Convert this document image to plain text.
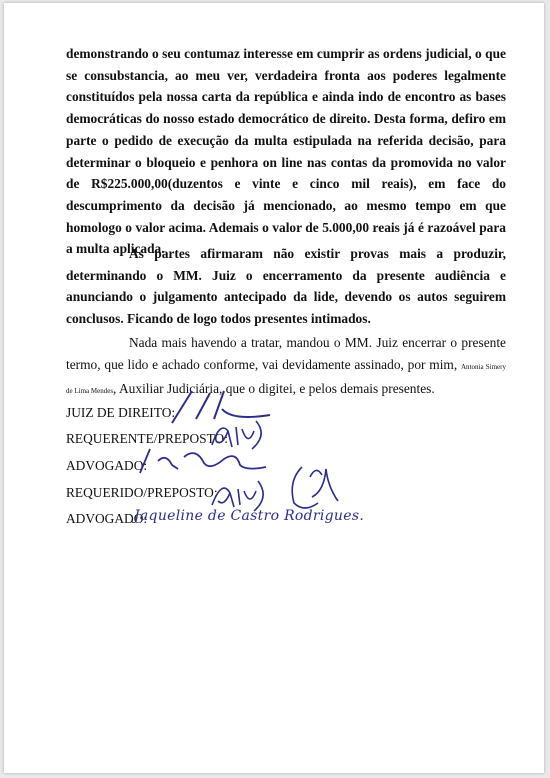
demonstrando o seu contumaz interesse em cumprir as ordens judicial, o que se consubstancia, ao meu ver, verdadeira fronta aos poderes legalmente constituídos pela nossa carta da república e ainda indo de encontro as bases democráticas do nosso estado democrático de direito. Desta forma, defiro em parte o pedido de execução da multa estipulada na referida decisão, para determinar o bloqueio e penhora on line nas contas da promovida no valor de R$225.000,00(duzentos e vinte e cinco mil reais), em face do descumprimento da decisão já mencionado, ao mesmo tempo em que homologo o valor acima. Ademais o valor de 5.000,00 reais já é razoável para a multa aplicada.
As partes afirmaram não existir provas mais a produzir, determinando o MM. Juiz o encerramento da presente audiência e anunciando o julgamento antecipado da lide, devendo os autos seguirem conclusos. Ficando de logo todos presentes intimados.
Nada mais havendo a tratar, mandou o MM. Juiz encerrar o presente termo, que lido e achado conforme, vai devidamente assinado, por mim, Antonia Simery de Lima Mendes, Auxiliar Judiciária, que o digitei, e pelos demais presentes.
JUIZ DE DIREITO:
REQUERENTE/PREPOSTO:
ADVOGADO:
REQUERIDO/PREPOSTO:
ADVOGADO:
Jaqueline de Castro Rodrigues.
